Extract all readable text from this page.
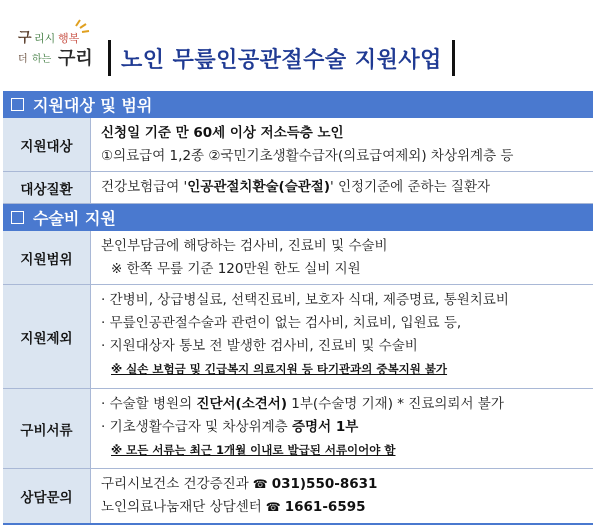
구 리시 행복
더 하는 구리	노인 무릎인공관절수술 지원사업
지원대상 및 범위
지원대상
신청일 기준 만 60세 이상 저소득층 노인
①의료급여 1,2종 ②국민기초생활수급자(의료급여제외) 차상위계층 등
대상질환	건강보험급여 '인공관절치환술(슬관절)' 인정기준에 준하는 질환자
수술비 지원
지원범위
본인부담금에 해당하는 검사비, 진료비 및 수술비
※ 한쪽 무릎 기준 120만원 한도 실비 지원
지원제외
· 간병비, 상급병실료, 선택진료비, 보호자 식대, 제증명료, 통원치료비
· 무릎인공관절수술과 관련이 없는 검사비, 치료비, 입원료 등,
· 지원대상자 통보 전 발생한 검사비, 진료비 및 수술비
※ 실손 보험금 및 긴급복지 의료지원 등 타기관과의 중복지원 불가
구비서류
· 수술할 병원의 진단서(소견서) 1부(수술명 기재) * 진료의뢰서 불가
· 기초생활수급자 및 차상위계층 증명서 1부
※ 모든 서류는 최근 1개월 이내로 발급된 서류이어야 함
상담문의
구리시보건소 건강증진과 ☎ 031)550-8631
노인의료나눔재단 상담센터 ☎ 1661-6595
